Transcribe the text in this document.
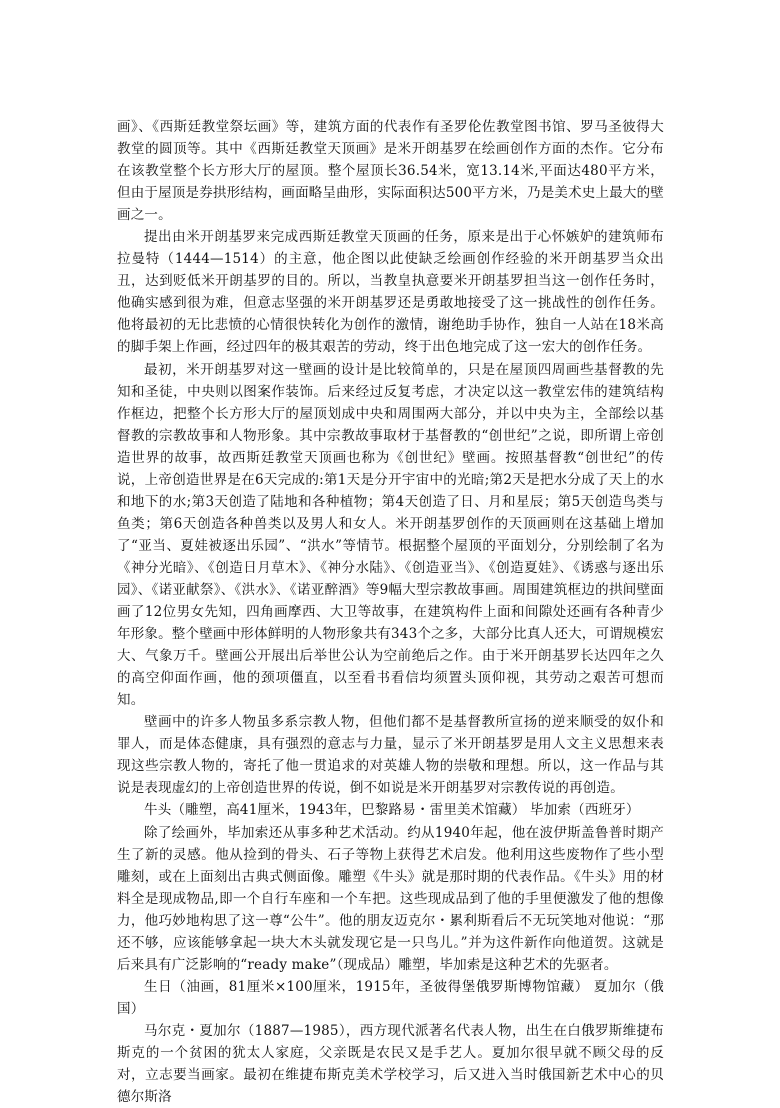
画》、《西斯廷教堂祭坛画》等，建筑方面的代表作有圣罗伦佐教堂图书馆、罗马圣彼得大教堂的圆顶等。其中《西斯廷教堂天顶画》是米开朗基罗在绘画创作方面的杰作。它分布在该教堂整个长方形大厅的屋顶。整个屋顶长36.54米，宽13.14米,平面达480平方米，但由于屋顶是券拱形结构，画面略呈曲形，实际面积达500平方米，乃是美术史上最大的壁画之一。

提出由米开朗基罗来完成西斯廷教堂天顶画的任务，原来是出于心怀嫉妒的建筑师布拉曼特（1444—1514）的主意，他企图以此使缺乏绘画创作经验的米开朗基罗当众出丑，达到贬低米开朗基罗的目的。所以，当教皇执意要米开朗基罗担当这一创作任务时，他确实感到很为难，但意志坚强的米开朗基罗还是勇敢地接受了这一挑战性的创作任务。他将最初的无比悲愤的心情很快转化为创作的激情，谢绝助手协作，独自一人站在18米高的脚手架上作画，经过四年的极其艰苦的劳动，终于出色地完成了这一宏大的创作任务。

最初，米开朗基罗对这一壁画的设计是比较简单的，只是在屋顶四周画些基督教的先知和圣徒，中央则以图案作装饰。后来经过反复考虑，才决定以这一教堂宏伟的建筑结构作框边，把整个长方形大厅的屋顶划成中央和周围两大部分，并以中央为主，全部绘以基督教的宗教故事和人物形象。其中宗教故事取材于基督教的“创世纪”之说，即所谓上帝创造世界的故事，故西斯廷教堂天顶画也称为《创世纪》壁画。按照基督教“创世纪”的传说，上帝创造世界是在6天完成的:第1天是分开宇宙中的光暗;第2天是把水分成了天上的水和地下的水;第3天创造了陆地和各种植物；第4天创造了日、月和星辰；第5天创造鸟类与鱼类；第6天创造各种兽类以及男人和女人。米开朗基罗创作的天顶画则在这基础上增加了“亚当、夏娃被逐出乐园”、“洪水”等情节。根据整个屋顶的平面划分，分别绘制了名为《神分光暗》、《创造日月草木》、《神分水陆》、《创造亚当》、《创造夏娃》、《诱惑与逐出乐园》、《诺亚献祭》、《洪水》、《诺亚醉酒》等9幅大型宗教故事画。周围建筑框边的拱间壁面画了12位男女先知，四角画摩西、大卫等故事，在建筑构件上面和间隙处还画有各种青少年形象。整个壁画中形体鲜明的人物形象共有343个之多，大部分比真人还大，可谓规模宏大、气象万千。壁画公开展出后举世公认为空前绝后之作。由于米开朗基罗长达四年之久的高空仰面作画，他的颈项僵直，以至看书看信均须置头顶仰视，其劳动之艰苦可想而知。

壁画中的许多人物虽多系宗教人物，但他们都不是基督教所宣扬的逆来顺受的奴仆和罪人，而是体态健康，具有强烈的意志与力量，显示了米开朗基罗是用人文主义思想来表现这些宗教人物的，寄托了他一贯追求的对英雄人物的崇敬和理想。所以，这一作品与其说是表现虚幻的上帝创造世界的传说，倒不如说是米开朗基罗对宗教传说的再创造。

牛头（雕塑，高41厘米，1943年，巴黎路易・雷里美术馆藏） 毕加索（西班牙）

除了绘画外，毕加索还从事多种艺术活动。约从1940年起，他在波伊斯盖鲁普时期产生了新的灵感。他从捡到的骨头、石子等物上获得艺术启发。他利用这些废物作了些小型雕刻，或在上面刻出古典式侧面像。雕塑《牛头》就是那时期的代表作品。《牛头》用的材料全是现成物品,即一个自行车座和一个车把。这些现成品到了他的手里便激发了他的想像力，他巧妙地构思了这一尊“公牛”。他的朋友迈克尔・累利斯看后不无玩笑地对他说：“那还不够，应该能够拿起一块大木头就发现它是一只鸟儿。”并为这件新作向他道贺。这就是后来具有广泛影响的“ready make”（现成品）雕塑，毕加索是这种艺术的先驱者。

生日（油画，81厘米×100厘米，1915年，圣彼得堡俄罗斯博物馆藏） 夏加尔（俄国）

马尔克・夏加尔（1887—1985），西方现代派著名代表人物，出生在白俄罗斯维捷布斯克的一个贫困的犹太人家庭，父亲既是农民又是手艺人。夏加尔很早就不顾父母的反对，立志要当画家。最初在维捷布斯克美术学校学习，后又进入当时俄国新艺术中心的贝德尔斯洛
